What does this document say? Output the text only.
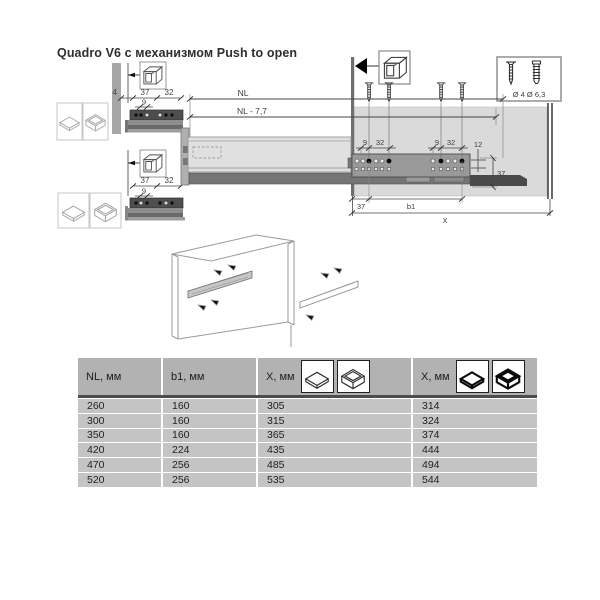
Quadro V6 с механизмом Push to open
4	37 32
9
37 32
9
Ø 4 Ø 6,3
NL
NL - 7,7
9 32	9 32 12
37
37	b1
X
NL, мм	b1, мм	X, мм	X, мм
260	160	305	314
300	160	315	324
350	160	365	374
420	224	435	444
470	256	485	494
520	256	535	544
